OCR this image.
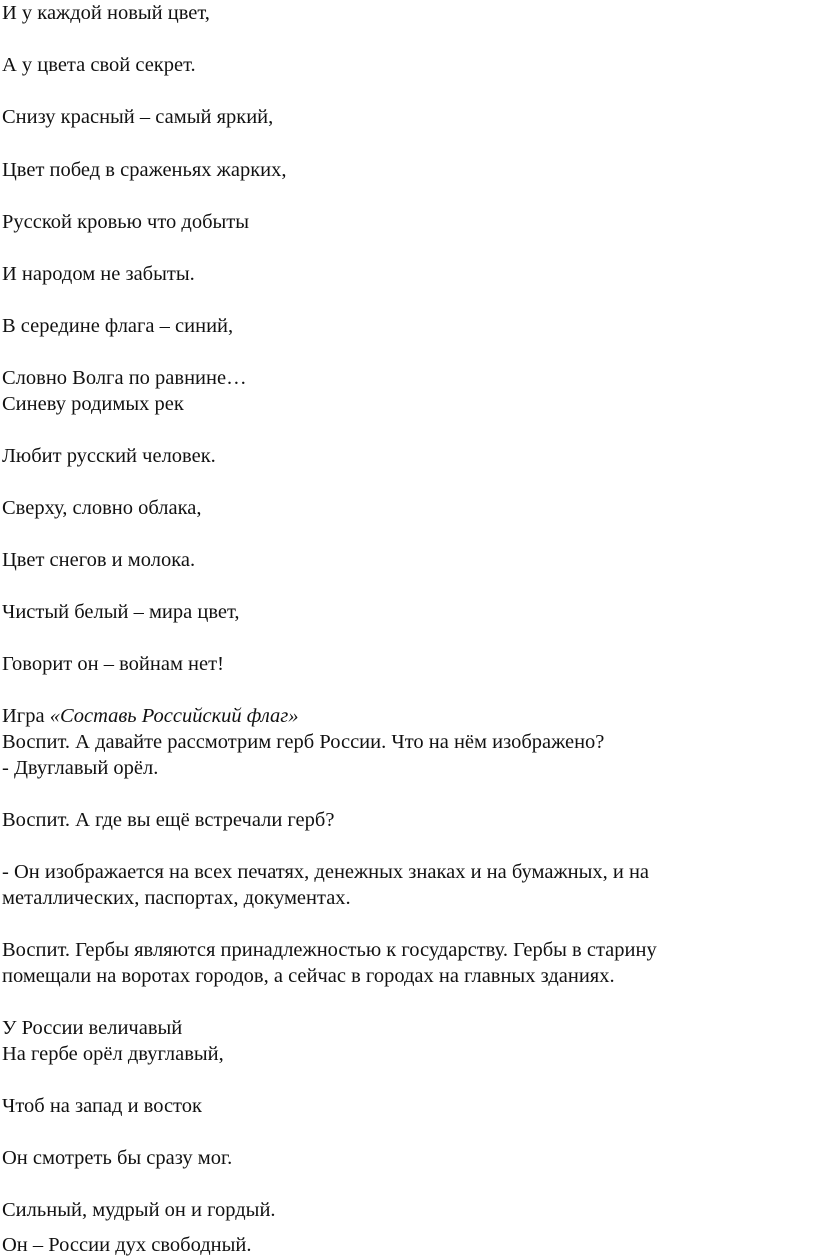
И у каждой новый цвет,

А у цвета свой секрет.

Снизу красный – самый яркий,

Цвет побед в сраженьях жарких,

Русской кровью что добыты

И народом не забыты.

В середине флага – синий,

Словно Волга по равнине…

Синеву родимых рек

Любит русский человек.

Сверху, словно облака,

Цвет снегов и молока.

Чистый белый – мира цвет,

Говорит он – войнам нет!

Игра «Составь Российский флаг»

Воспит. А давайте рассмотрим герб России. Что на нём изображено?

- Двуглавый орёл.

Воспит. А где вы ещё встречали герб?

- Он изображается на всех печатях, денежных знаках и на бумажных, и на

металлических, паспортах, документах.

Воспит. Гербы являются принадлежностью к государству. Гербы в старину

помещали на воротах городов, а сейчас в городах на главных зданиях.

У России величавый

На гербе орёл двуглавый,

Чтоб на запад и восток

Он смотреть бы сразу мог.

Сильный, мудрый он и гордый.

Он – России дух свободный.
